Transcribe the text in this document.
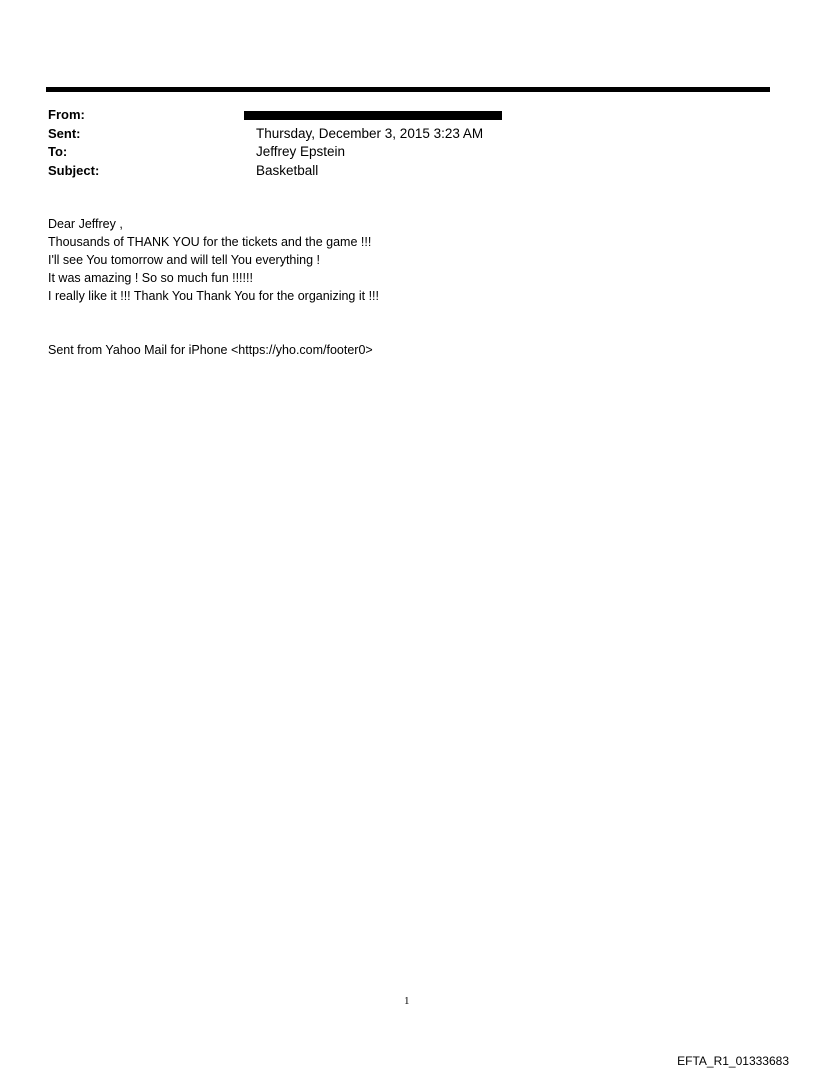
From:
Sent:	Thursday, December 3, 2015 3:23 AM
To:	Jeffrey Epstein
Subject:	Basketball
Dear Jeffrey ,
Thousands of THANK YOU for the tickets and the game !!!
I'll see You tomorrow and will tell You everything !
It was amazing ! So so much fun !!!!!!
I really like it !!! Thank You Thank You for the organizing it !!!
Sent from Yahoo Mail for iPhone <https://yho.com/footer0>
1
EFTA_R1_01333683
